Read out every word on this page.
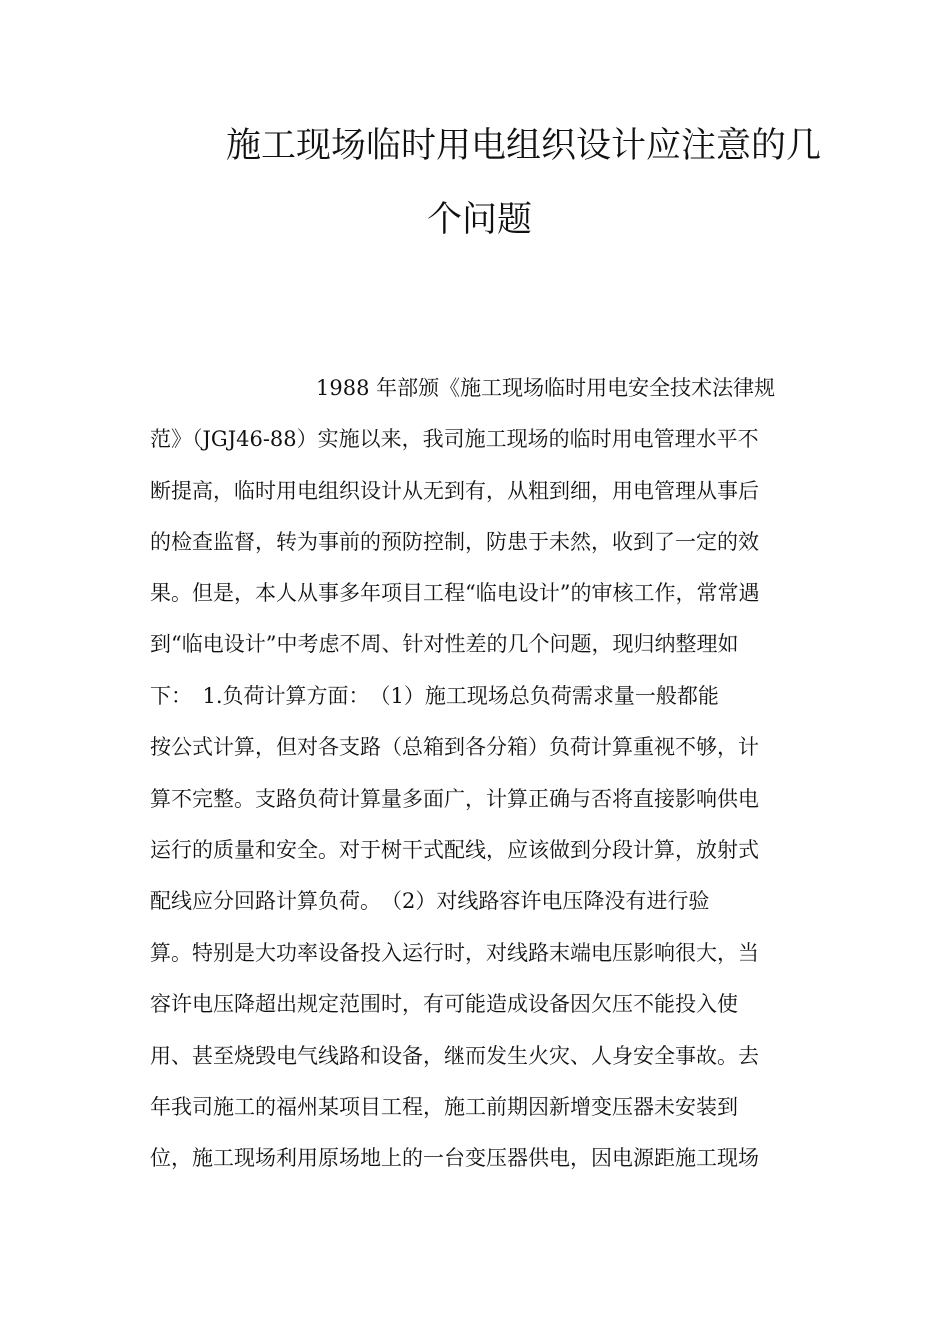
施工现场临时用电组织设计应注意的几
个问题
1988 年部颁《施工现场临时用电安全技术法律规
范》（JGJ46-88）实施以来，我司施工现场的临时用电管理水平不
断提高，临时用电组织设计从无到有，从粗到细，用电管理从事后
的检查监督，转为事前的预防控制，防患于未然，收到了一定的效
果。但是，本人从事多年项目工程“临电设计”的审核工作，常常遇
到“临电设计”中考虑不周、针对性差的几个问题，现归纳整理如
下：　1.负荷计算方面：　（1）施工现场总负荷需求量一般都能
按公式计算，但对各支路（总箱到各分箱）负荷计算重视不够，计
算不完整。支路负荷计算量多面广，计算正确与否将直接影响供电
运行的质量和安全。对于树干式配线，应该做到分段计算，放射式
配线应分回路计算负荷。　（2）对线路容许电压降没有进行验
算。特别是大功率设备投入运行时，对线路末端电压影响很大，当
容许电压降超出规定范围时，有可能造成设备因欠压不能投入使
用、甚至烧毁电气线路和设备，继而发生火灾、人身安全事故。去
年我司施工的福州某项目工程，施工前期因新增变压器未安装到
位，施工现场利用原场地上的一台变压器供电，因电源距施工现场
